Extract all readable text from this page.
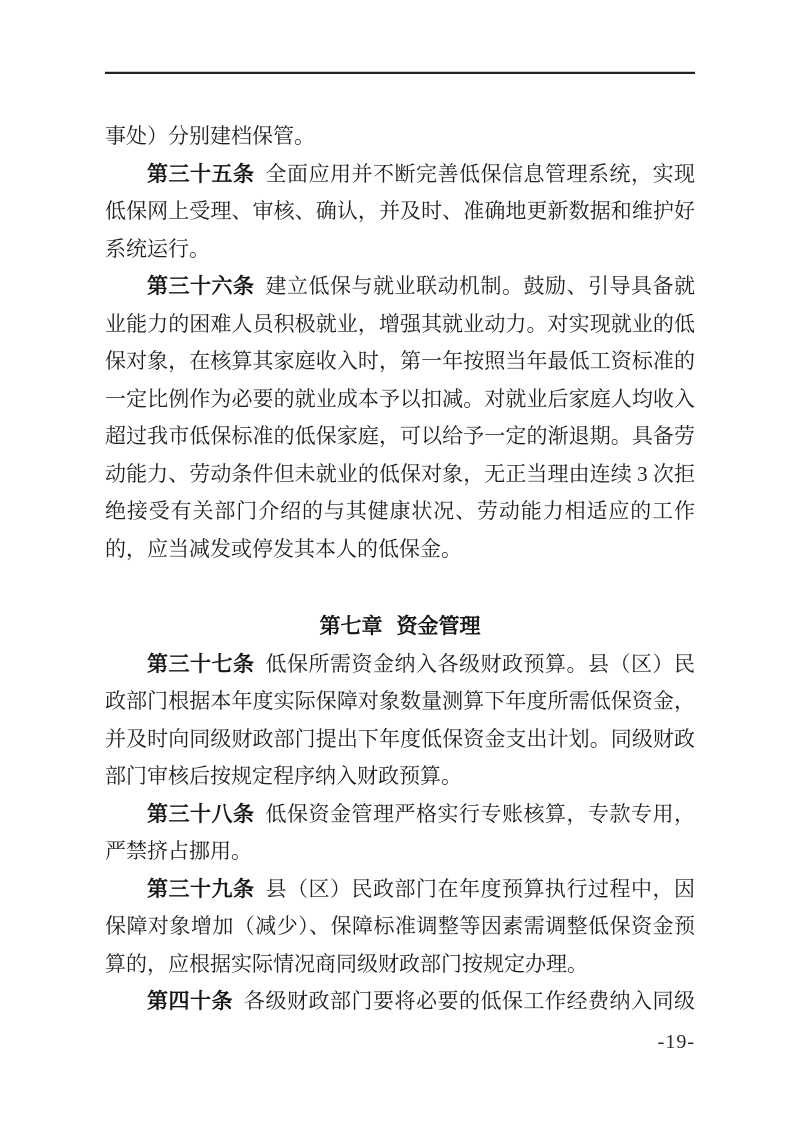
事处）分别建档保管。
第三十五条 全面应用并不断完善低保信息管理系统，实现
低保网上受理、审核、确认，并及时、准确地更新数据和维护好
系统运行。
第三十六条 建立低保与就业联动机制。鼓励、引导具备就
业能力的困难人员积极就业，增强其就业动力。对实现就业的低
保对象，在核算其家庭收入时，第一年按照当年最低工资标准的
一定比例作为必要的就业成本予以扣减。对就业后家庭人均收入
超过我市低保标准的低保家庭，可以给予一定的渐退期。具备劳
动能力、劳动条件但未就业的低保对象，无正当理由连续 3 次拒
绝接受有关部门介绍的与其健康状况、劳动能力相适应的工作
的，应当减发或停发其本人的低保金。
第七章 资金管理
第三十七条 低保所需资金纳入各级财政预算。县（区）民
政部门根据本年度实际保障对象数量测算下年度所需低保资金，
并及时向同级财政部门提出下年度低保资金支出计划。同级财政
部门审核后按规定程序纳入财政预算。
第三十八条 低保资金管理严格实行专账核算，专款专用，
严禁挤占挪用。
第三十九条 县（区）民政部门在年度预算执行过程中，因
保障对象增加（减少）、保障标准调整等因素需调整低保资金预
算的，应根据实际情况商同级财政部门按规定办理。
第四十条 各级财政部门要将必要的低保工作经费纳入同级
-19-
